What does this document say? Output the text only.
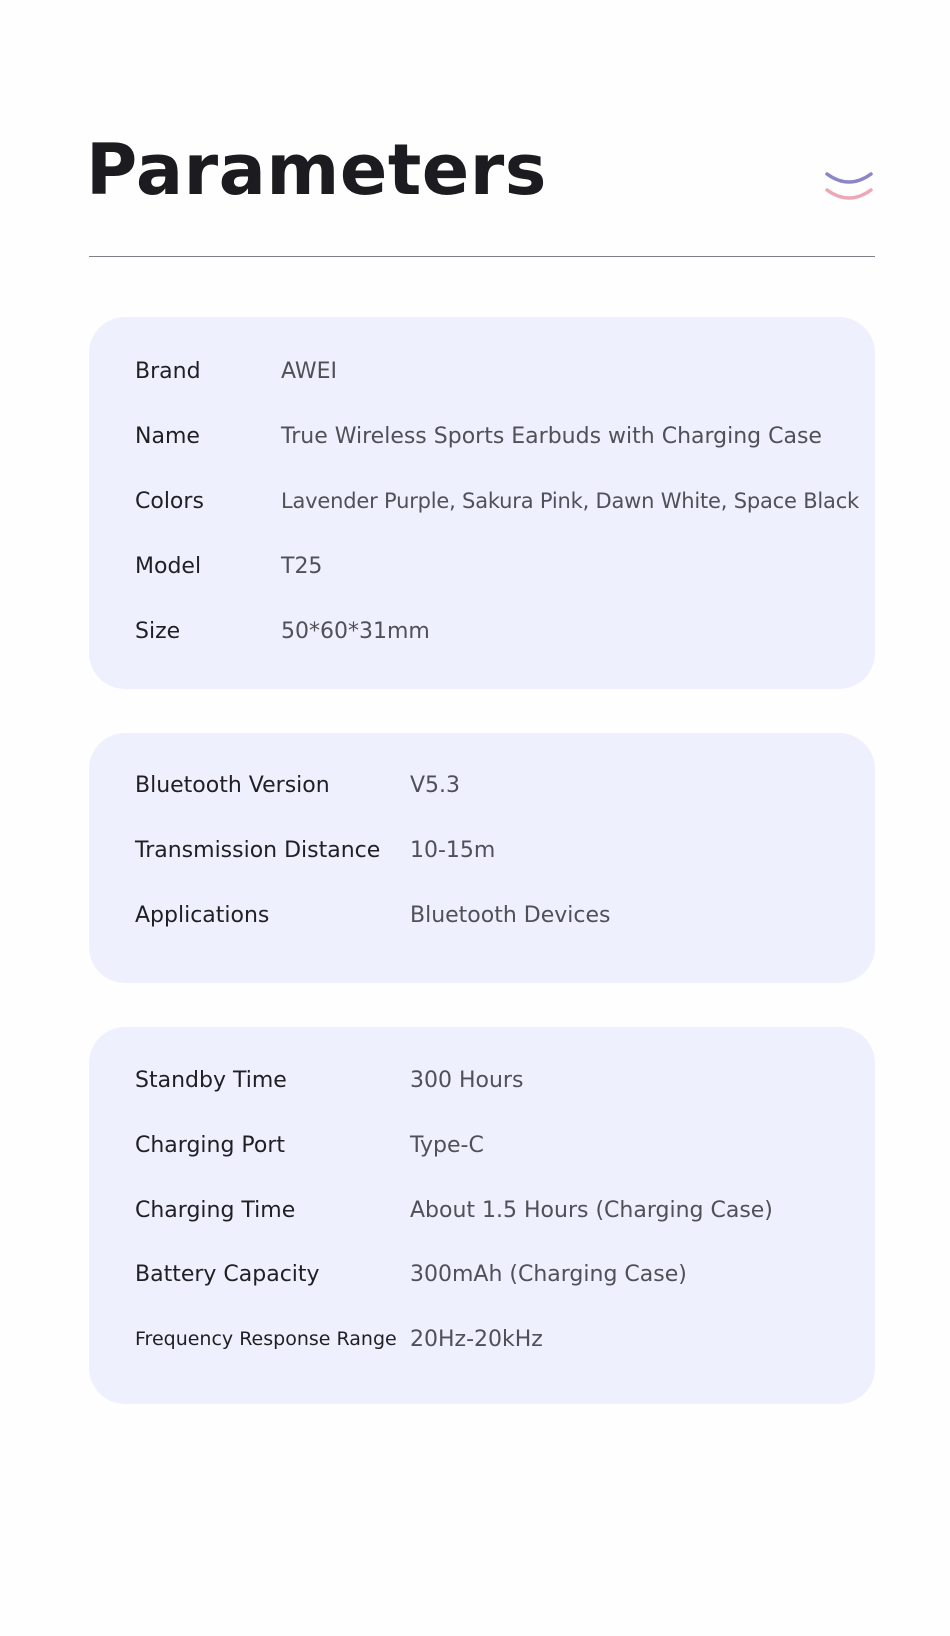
Parameters
Brand	AWEI
Name	True Wireless Sports Earbuds with Charging Case
Colors	Lavender Purple, Sakura Pink, Dawn White, Space Black
Model	T25
Size	50*60*31mm
Bluetooth Version	V5.3
Transmission Distance 10-15m
Applications	Bluetooth Devices
Standby Time	300 Hours
Charging Port	Type-C
Charging Time	About 1.5 Hours (Charging Case)
Battery Capacity	300mAh (Charging Case)
Frequency Response Range 20Hz-20kHz
